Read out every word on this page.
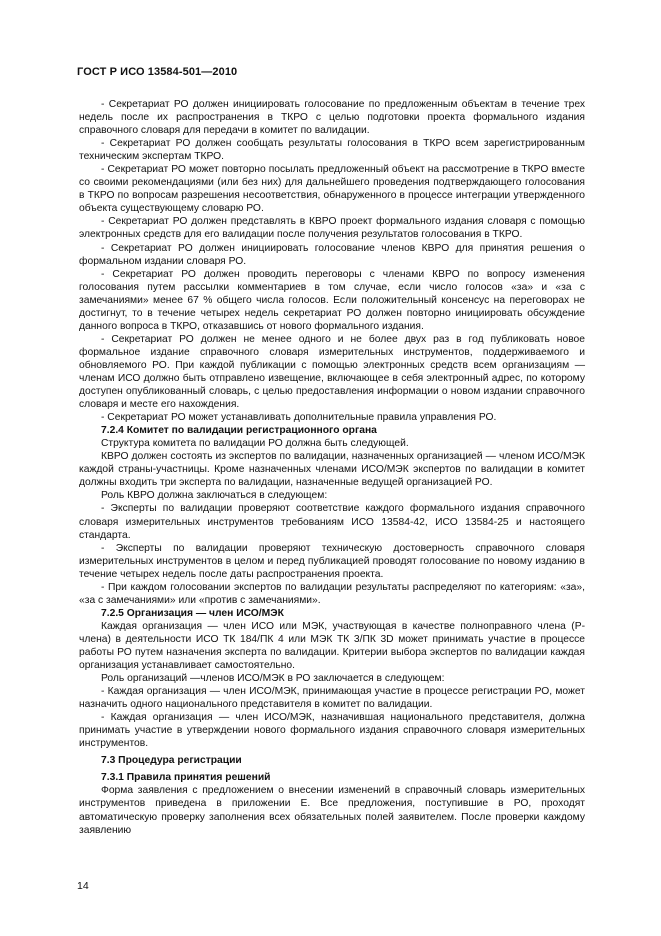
ГОСТ Р ИСО 13584-501—2010

- Секретариат РО должен инициировать голосование по предложенным объектам в течение трех недель после их распространения в ТКРО с целью подготовки проекта формального издания справочного словаря для передачи в комитет по валидации.

- Секретариат РО должен сообщать результаты голосования в ТКРО всем зарегистрированным техническим экспертам ТКРО.

- Секретариат РО может повторно посылать предложенный объект на рассмотрение в ТКРО вместе со своими рекомендациями (или без них) для дальнейшего проведения подтверждающего голосования в ТКРО по вопросам разрешения несоответствия, обнаруженного в процессе интеграции утвержденного объекта существующему словарю РО.

- Секретариат РО должен представлять в КВРО проект формального издания словаря с помощью электронных средств для его валидации после получения результатов голосования в ТКРО.

- Секретариат РО должен инициировать голосование членов КВРО для принятия решения о формальном издании словаря РО.

- Секретариат РО должен проводить переговоры с членами КВРО по вопросу изменения голосования путем рассылки комментариев в том случае, если число голосов «за» и «за с замечаниями» менее 67 % общего числа голосов. Если положительный консенсус на переговорах не достигнут, то в течение четырех недель секретариат РО должен повторно инициировать обсуждение данного вопроса в ТКРО, отказавшись от нового формального издания.

- Секретариат РО должен не менее одного и не более двух раз в год публиковать новое формальное издание справочного словаря измерительных инструментов, поддерживаемого и обновляемого РО. При каждой публикации с помощью электронных средств всем организациям — членам ИСО должно быть отправлено извещение, включающее в себя электронный адрес, по которому доступен опубликованный словарь, с целью предоставления информации о новом издании справочного словаря и месте его нахождения.

- Секретариат РО может устанавливать дополнительные правила управления РО.

7.2.4 Комитет по валидации регистрационного органа

Структура комитета по валидации РО должна быть следующей.

КВРО должен состоять из экспертов по валидации, назначенных организацией — членом ИСО/МЭК каждой страны-участницы. Кроме назначенных членами ИСО/МЭК экспертов по валидации в комитет должны входить три эксперта по валидации, назначенные ведущей организацией РО.

Роль КВРО должна заключаться в следующем:

- Эксперты по валидации проверяют соответствие каждого формального издания справочного словаря измерительных инструментов требованиям ИСО 13584-42, ИСО 13584-25 и настоящего стандарта.

- Эксперты по валидации проверяют техническую достоверность справочного словаря измерительных инструментов в целом и перед публикацией проводят голосование по новому изданию в течение четырех недель после даты распространения проекта.

- При каждом голосовании экспертов по валидации результаты распределяют по категориям: «за», «за с замечаниями» или «против с замечаниями».

7.2.5 Организация — член ИСО/МЭК

Каждая организация — член ИСО или МЭК, участвующая в качестве полноправного члена (Р-члена) в деятельности ИСО ТК 184/ПК 4 или МЭК ТК 3/ПК 3D может принимать участие в процессе работы РО путем назначения эксперта по валидации. Критерии выбора экспертов по валидации каждая организация устанавливает самостоятельно.

Роль организаций —членов ИСО/МЭК в РО заключается в следующем:

- Каждая организация — член ИСО/МЭК, принимающая участие в процессе регистрации РО, может назначить одного национального представителя в комитет по валидации.

- Каждая организация — член ИСО/МЭК, назначившая национального представителя, должна принимать участие в утверждении нового формального издания справочного словаря измерительных инструментов.

7.3 Процедура регистрации

7.3.1 Правила принятия решений

Форма заявления с предложением о внесении изменений в справочный словарь измерительных инструментов приведена в приложении Е. Все предложения, поступившие в РО, проходят автоматическую проверку заполнения всех обязательных полей заявителем. После проверки каждому заявлению

14
